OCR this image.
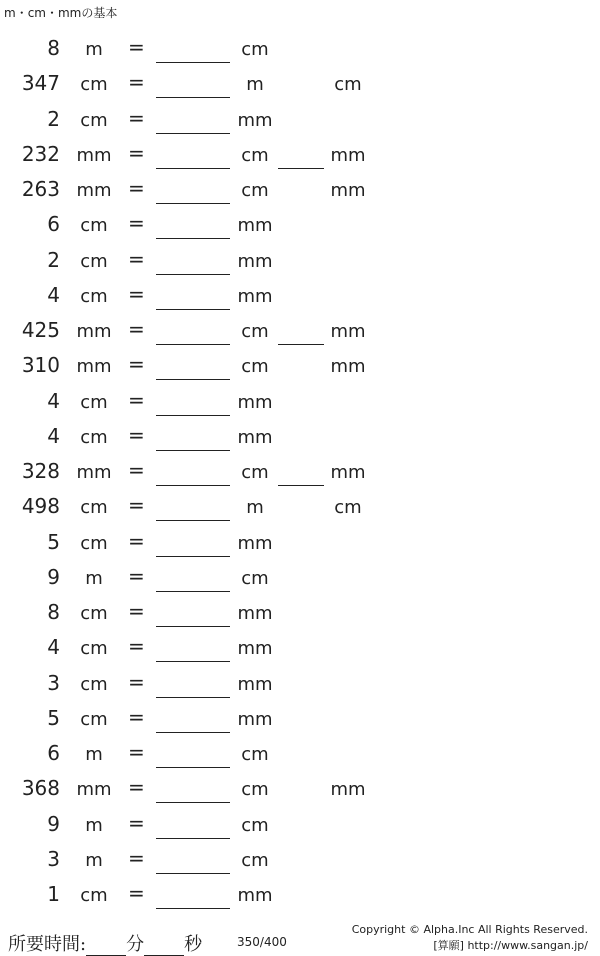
m・cm・mmの基本
8	m	=	cm
347	cm	=	m	cm
2	cm	=	mm
232 mm =	cm	mm
263 mm =	cm	mm
6	cm	=	mm
2	cm	=	mm
4	cm	=	mm
425 mm =	cm	mm
310 mm =	cm	mm
4	cm	=	mm
4	cm	=	mm
328 mm =	cm	mm
498	cm	=	m	cm
5	cm	=	mm
9	m	=	cm
8	cm	=	mm
4	cm	=	mm
3	cm	=	mm
5	cm	=	mm
6	m	=	cm
368 mm =	cm	mm
9	m	=	cm
3	m	=	cm
1	cm	=	mm
所要時間: 分 秒	350/400
Copyright © Alpha.Inc All Rights Reserved.
[算願] http://www.sangan.jp/
